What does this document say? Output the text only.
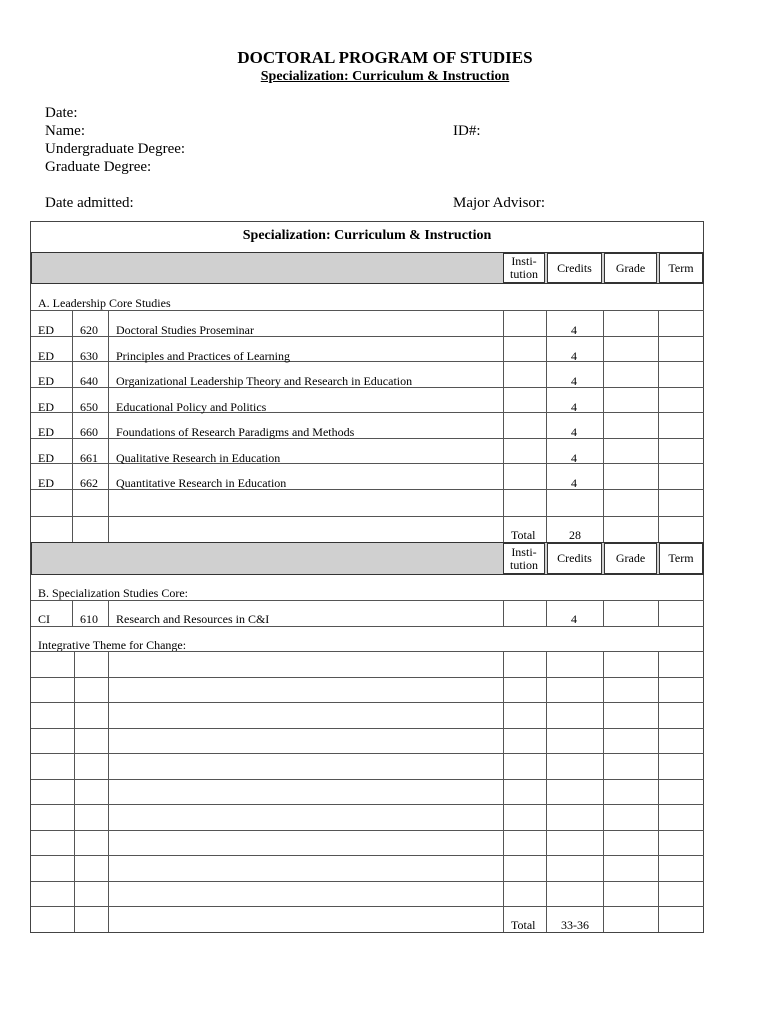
DOCTORAL PROGRAM OF STUDIES
Specialization: Curriculum & Instruction
Date:
Name:	ID#:
Undergraduate Degree:
Graduate Degree:
Date admitted:	Major Advisor:
Specialization: Curriculum & Instruction
Insti-
tution	Credits	Grade	Term
A. Leadership Core Studies
ED 620 Doctoral Studies Proseminar	4
ED 630 Principles and Practices of Learning	4
ED 640 Organizational Leadership Theory and Research in Education	4
ED 650 Educational Policy and Politics	4
ED 660 Foundations of Research Paradigms and Methods	4
ED 661 Qualitative Research in Education	4
ED 662 Quantitative Research in Education	4
Total	28
Insti-
tution	Credits	Grade	Term
B. Specialization Studies Core:
CI	610 Research and Resources in C&I	4
Integrative Theme for Change:
Total 33-36
